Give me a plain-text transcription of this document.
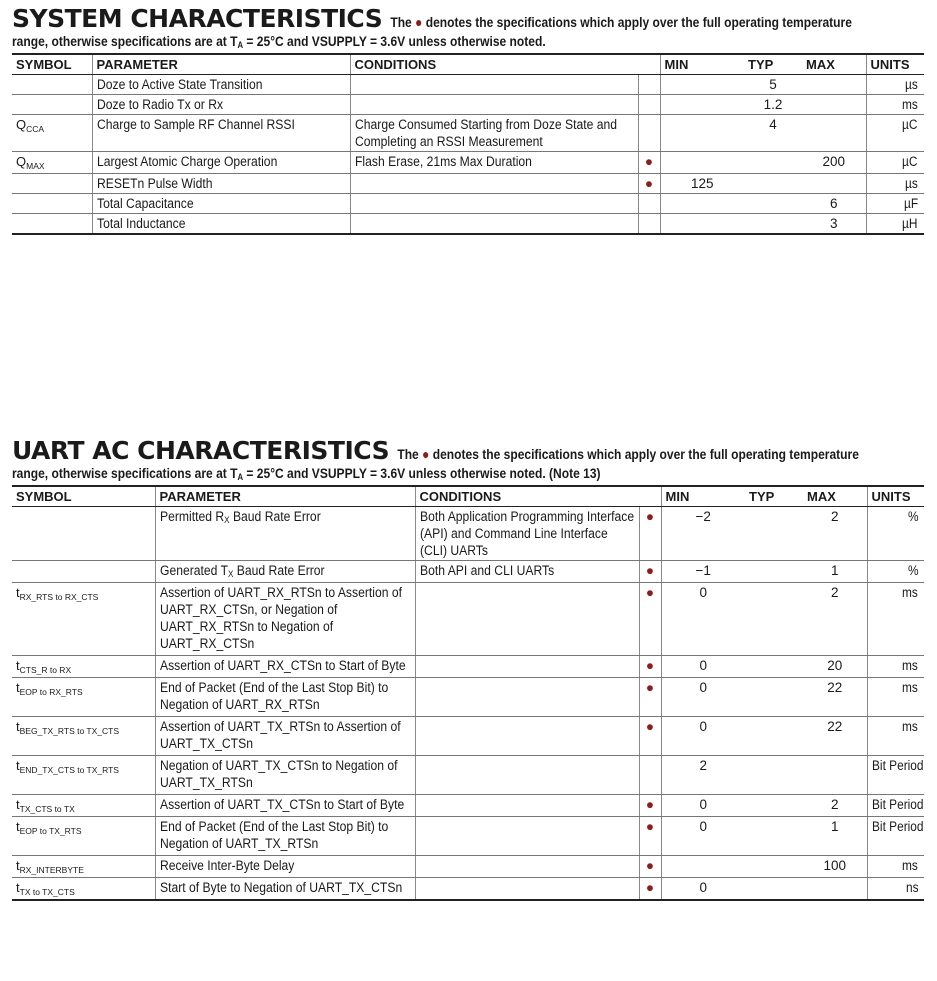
SYSTEM CHARACTERISTICS The ● denotes the specifications which apply over the full operating temperature
range, otherwise specifications are at TA = 25°C and VSUPPLY = 3.6V unless otherwise noted.
SYMBOL	PARAMETER	CONDITIONS		MIN	TYP	MAX	UNITS

	Doze to Active State Transition				5		µs

	Doze to Radio Tx or Rx				1.2		ms
$Q_{CCA}$	Charge to Sample RF Channel RSSI	Charge Consumed Starting from Doze State and Completing an RSSI Measurement			4		µC
$Q_{MAX}$	Largest Atomic Charge Operation	Flash Erase, 21ms Max Duration	●			200	µC

	RESETn Pulse Width		●	125			µs

	Total Capacitance					6	µF

	Total Inductance					3	µH
UART AC CHARACTERISTICS The ● denotes the specifications which apply over the full operating temperature
range, otherwise specifications are at TA = 25°C and VSUPPLY = 3.6V unless otherwise noted. (Note 13)
SYMBOL	PARAMETER	CONDITIONS		MIN	TYP	MAX	UNITS

	Permitted RX Baud Rate Error	Both Application Programming Interface (API) and Command Line Interface (CLI) UARTs	●	−2		2	%

	Generated TX Baud Rate Error	Both API and CLI UARTs	●	−1		1	%
$t_{RX\_RTS to RX\_CTS}$	Assertion of UART_RX_RTSn to Assertion of UART_RX_CTSn, or Negation of UART_RX_RTSn to Negation of UART_RX_CTSn		●	0		2	ms
$t_{CTS\_R to RX}$	Assertion of UART_RX_CTSn to Start of Byte		●	0		20	ms
$t_{EOP to RX\_RTS}$	End of Packet (End of the Last Stop Bit) to Negation of UART_RX_RTSn		●	0		22	ms
$t_{BEG\_TX\_RTS to TX\_CTS}$	Assertion of UART_TX_RTSn to Assertion of UART_TX_CTSn		●	0		22	ms
$t_{END\_TX\_CTS to TX\_RTS}$	Negation of UART_TX_CTSn to Negation of UART_TX_RTSn			2			Bit Period
$t_{TX\_CTS to TX}$	Assertion of UART_TX_CTSn to Start of Byte		●	0		2	Bit Period
$t_{EOP to TX\_RTS}$	End of Packet (End of the Last Stop Bit) to Negation of UART_TX_RTSn		●	0		1	Bit Period
$t_{RX\_INTERBYTE}$	Receive Inter-Byte Delay		●			100	ms
$t_{TX to TX\_CTS}$	Start of Byte to Negation of UART_TX_CTSn		●	0			ns
